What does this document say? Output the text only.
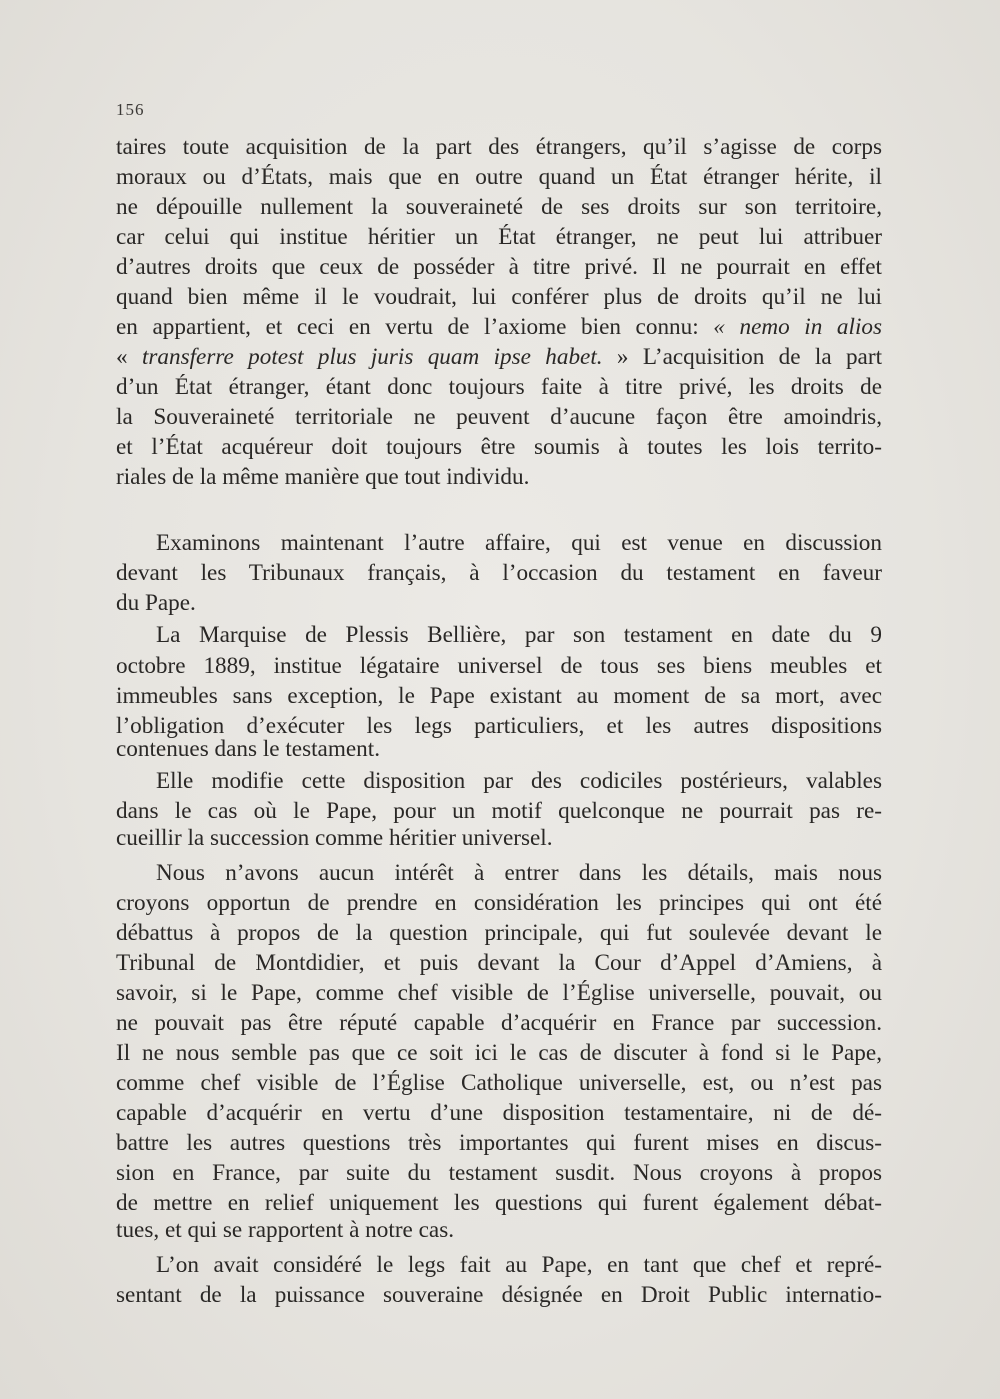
156
taires toute acquisition de la part des étrangers, qu’il s’agisse de corps
moraux ou d’États, mais que en outre quand un État étranger hérite, il
ne dépouille nullement la souveraineté de ses droits sur son territoire,
car celui qui institue héritier un État étranger, ne peut lui attribuer
d’autres droits que ceux de posséder à titre privé. Il ne pourrait en effet
quand bien même il le voudrait, lui conférer plus de droits qu’il ne lui
en appartient, et ceci en vertu de l’axiome bien connu: « nemo in alios
« transferre potest plus juris quam ipse habet. » L’acquisition de la part
d’un État étranger, étant donc toujours faite à titre privé, les droits de
la Souveraineté territoriale ne peuvent d’aucune façon être amoindris,
et l’État acquéreur doit toujours être soumis à toutes les lois territo-
riales de la même manière que tout individu.
Examinons maintenant l’autre affaire, qui est venue en discussion
devant les Tribunaux français, à l’occasion du testament en faveur
du Pape.
La Marquise de Plessis Bellière, par son testament en date du 9
octobre 1889, institue légataire universel de tous ses biens meubles et
immeubles sans exception, le Pape existant au moment de sa mort, avec
l’obligation d’exécuter les legs particuliers, et les autres dispositions
contenues dans le testament.
Elle modifie cette disposition par des codiciles postérieurs, valables
dans le cas où le Pape, pour un motif quelconque ne pourrait pas re-
cueillir la succession comme héritier universel.
Nous n’avons aucun intérêt à entrer dans les détails, mais nous
croyons opportun de prendre en considération les principes qui ont été
débattus à propos de la question principale, qui fut soulevée devant le
Tribunal de Montdidier, et puis devant la Cour d’Appel d’Amiens, à
savoir, si le Pape, comme chef visible de l’Église universelle, pouvait, ou
ne pouvait pas être réputé capable d’acquérir en France par succession.
Il ne nous semble pas que ce soit ici le cas de discuter à fond si le Pape,
comme chef visible de l’Église Catholique universelle, est, ou n’est pas
capable d’acquérir en vertu d’une disposition testamentaire, ni de dé-
battre les autres questions très importantes qui furent mises en discus-
sion en France, par suite du testament susdit. Nous croyons à propos
de mettre en relief uniquement les questions qui furent également débat-
tues, et qui se rapportent à notre cas.
L’on avait considéré le legs fait au Pape, en tant que chef et repré-
sentant de la puissance souveraine désignée en Droit Public internatio-
